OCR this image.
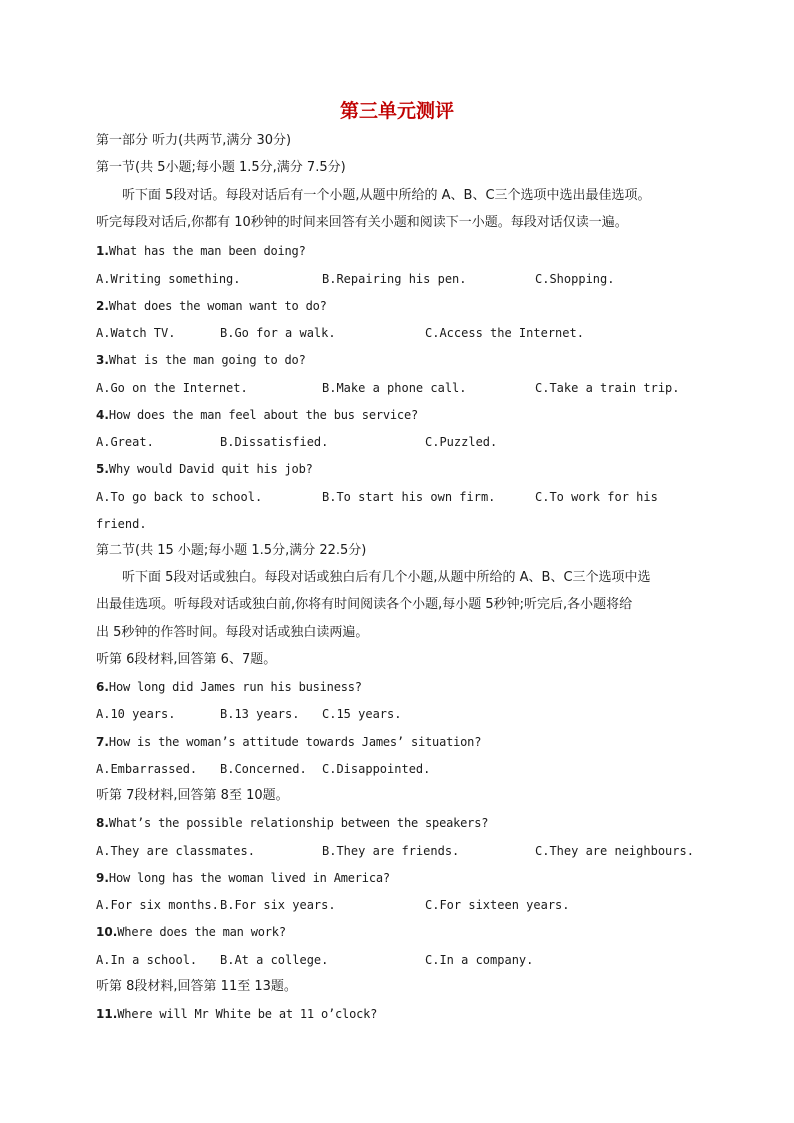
第三单元测评
第一部分 听力(共两节,满分 30分)
第一节(共 5小题;每小题 1.5分,满分 7.5分)
听下面 5段对话。每段对话后有一个小题,从题中所给的 A、B、C三个选项中选出最佳选项。
听完每段对话后,你都有 10秒钟的时间来回答有关小题和阅读下一小题。每段对话仅读一遍。
1.What has the man been doing?
A.Writing something.	B.Repairing his pen.	C.Shopping.
2.What does the woman want to do?
A.Watch TV.	B.Go for a walk.	C.Access the Internet.
3.What is the man going to do?
A.Go on the Internet.	B.Make a phone call.	C.Take a train trip.
4.How does the man feel about the bus service?
A.Great.	B.Dissatisfied.	C.Puzzled.
5.Why would David quit his job?
A.To go back to school.	B.To start his own firm.	C.To work for his
friend.
第二节(共 15 小题;每小题 1.5分,满分 22.5分)
听下面 5段对话或独白。每段对话或独白后有几个小题,从题中所给的 A、B、C三个选项中选
出最佳选项。听每段对话或独白前,你将有时间阅读各个小题,每小题 5秒钟;听完后,各小题将给
出 5秒钟的作答时间。每段对话或独白读两遍。
听第 6段材料,回答第 6、7题。
6.How long did James run his business?
A.10 years.	B.13 years. C.15 years.
7.How is the woman’s attitude towards James’ situation?
A.Embarrassed. B.Concerned. C.Disappointed.
听第 7段材料,回答第 8至 10题。
8.What’s the possible relationship between the speakers?
A.They are classmates.	B.They are friends.	C.They are neighbours.
9.How long has the woman lived in America?
A.For six months. B.For six years.	C.For sixteen years.
10.Where does the man work?
A.In a school. B.At a college.	C.In a company.
听第 8段材料,回答第 11至 13题。
11.Where will Mr White be at 11 o’clock?
